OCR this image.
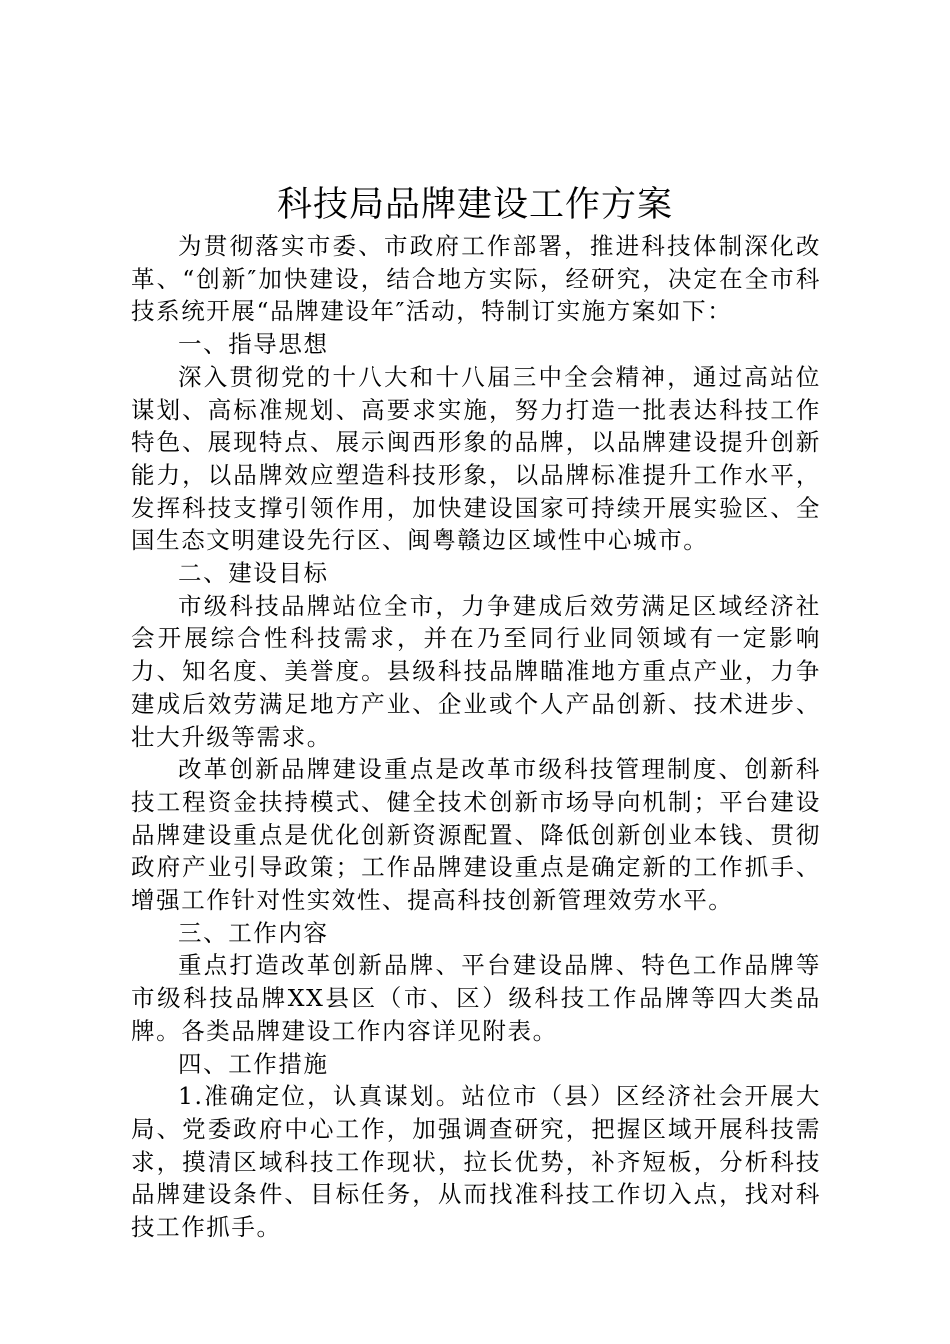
科技局品牌建设工作方案

为贯彻落实市委、市政府工作部署，推进科技体制深化改革、“创新″加快建设，结合地方实际，经研究，决定在全市科技系统开展“品牌建设年″活动，特制订实施方案如下：

一、指导思想

深入贯彻党的十八大和十八届三中全会精神，通过高站位谋划、高标准规划、高要求实施，努力打造一批表达科技工作特色、展现特点、展示闽西形象的品牌，以品牌建设提升创新能力，以品牌效应塑造科技形象，以品牌标准提升工作水平，发挥科技支撑引领作用，加快建设国家可持续开展实验区、全国生态文明建设先行区、闽粤赣边区域性中心城市。

二、建设目标

市级科技品牌站位全市，力争建成后效劳满足区域经济社会开展综合性科技需求，并在乃至同行业同领域有一定影响力、知名度、美誉度。县级科技品牌瞄准地方重点产业，力争建成后效劳满足地方产业、企业或个人产品创新、技术进步、壮大升级等需求。

改革创新品牌建设重点是改革市级科技管理制度、创新科技工程资金扶持模式、健全技术创新市场导向机制；平台建设品牌建设重点是优化创新资源配置、降低创新创业本钱、贯彻政府产业引导政策；工作品牌建设重点是确定新的工作抓手、增强工作针对性实效性、提高科技创新管理效劳水平。

三、工作内容

重点打造改革创新品牌、平台建设品牌、特色工作品牌等市级科技品牌XX县区（市、区）级科技工作品牌等四大类品牌。各类品牌建设工作内容详见附表。

四、工作措施

1.准确定位，认真谋划。站位市（县）区经济社会开展大局、党委政府中心工作，加强调查研究，把握区域开展科技需求，摸清区域科技工作现状，拉长优势，补齐短板，分析科技品牌建设条件、目标任务，从而找准科技工作切入点，找对科技工作抓手。
